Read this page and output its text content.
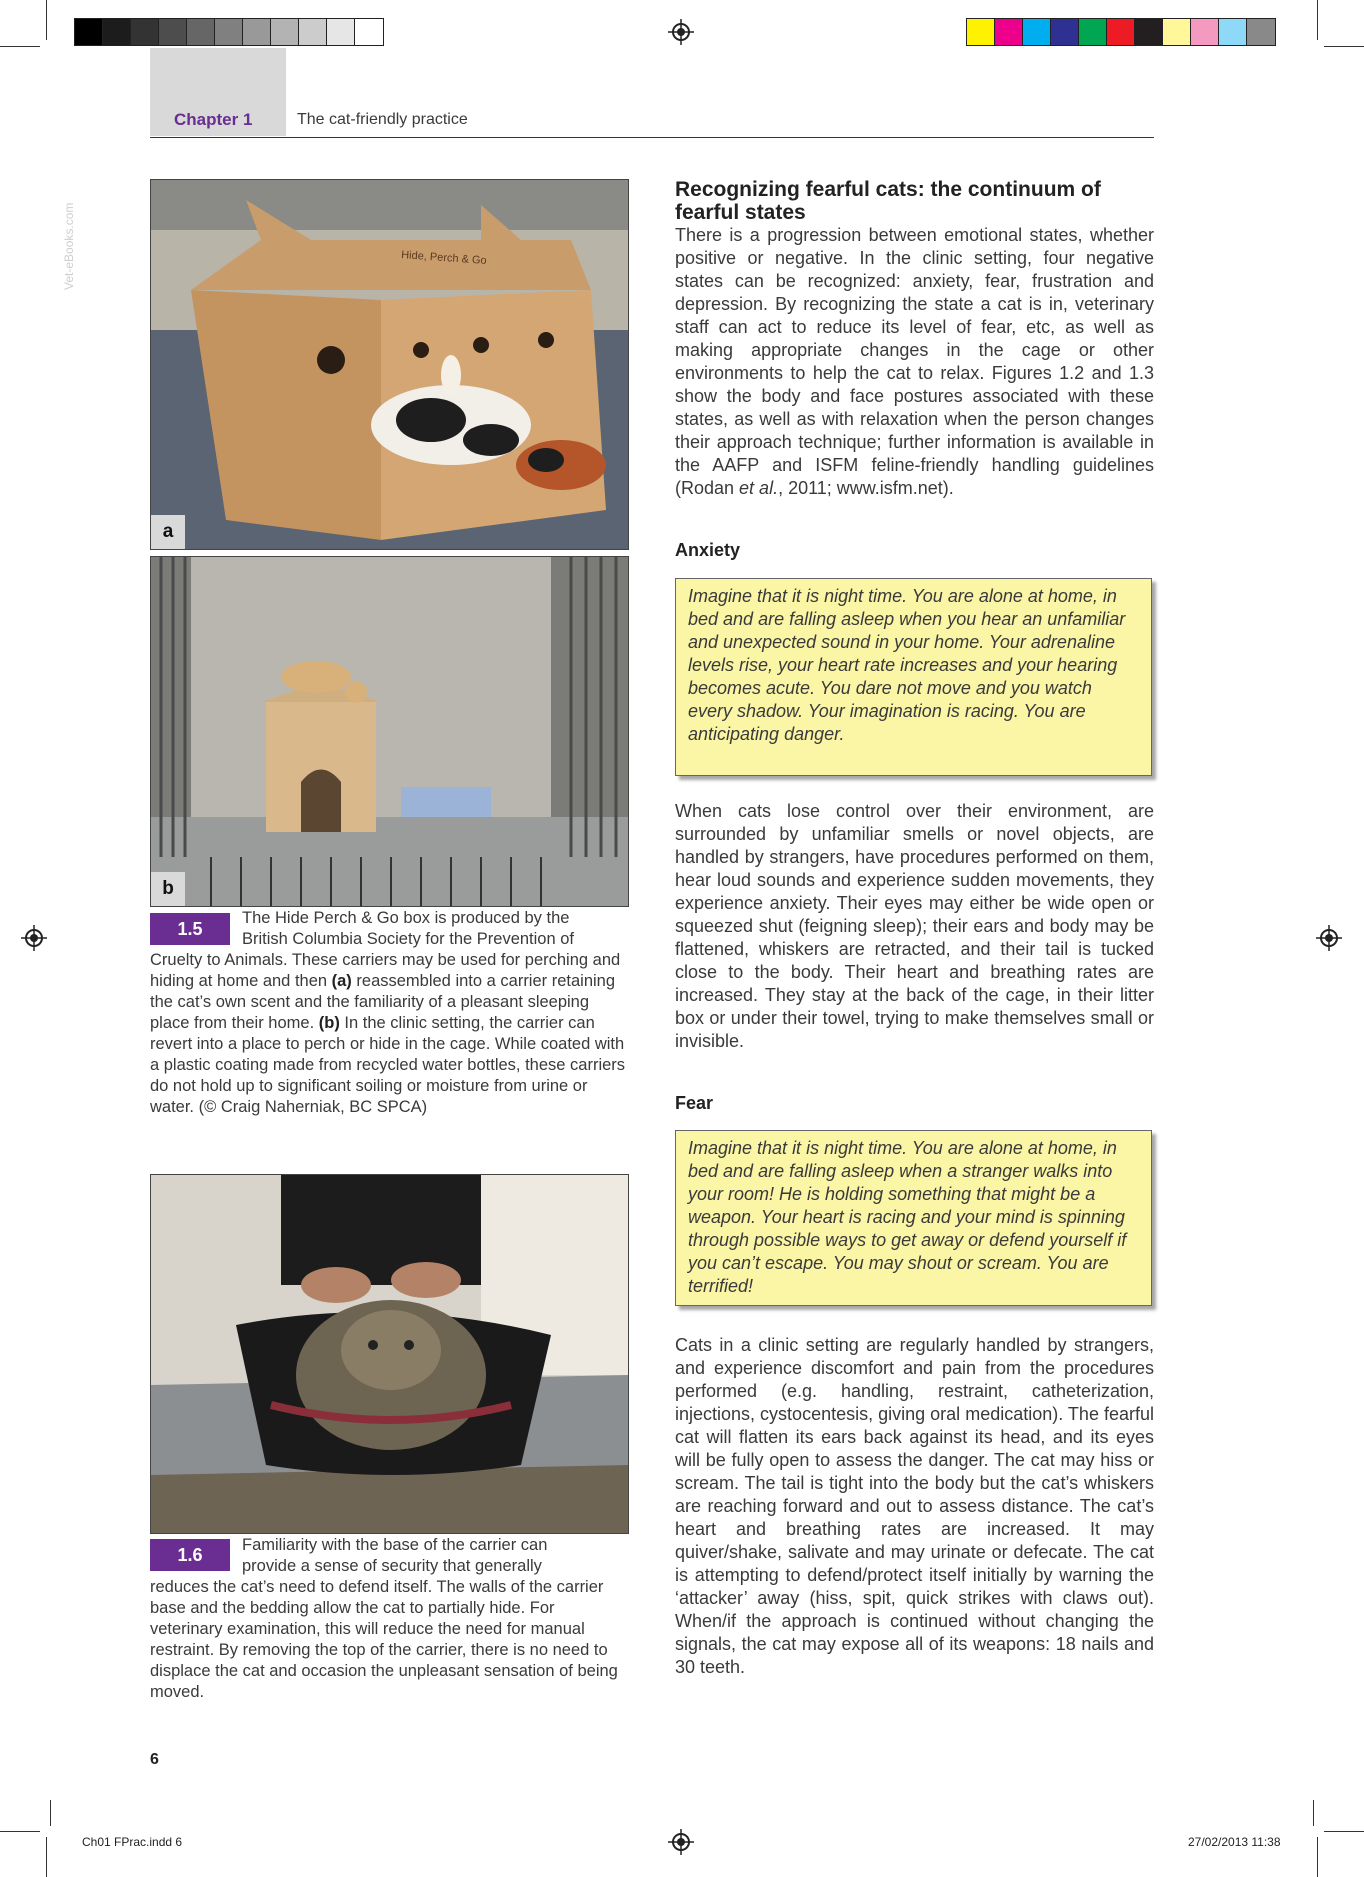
Chapter 1	The cat-friendly practice
Vet-eBooks.com	Hide, Perch & Go
a
b
1.5
The Hide Perch & Go box is produced by the
British Columbia Society for the Prevention of
Cruelty to Animals. These carriers may be used for perching and hiding at home and then (a) reassembled into a carrier retaining the cat’s own scent and the familiarity of a pleasant sleeping place from their home. (b) In the clinic setting, the carrier can revert into a place to perch or hide in the cage. While coated with a plastic coating made from recycled water bottles, these carriers do not hold up to significant soiling or moisture from urine or water. (© Craig Naherniak, BC SPCA)
1.6	Familiarity with the base of the carrier can
provide a sense of security that generally
reduces the cat’s need to defend itself. The walls of the carrier base and the bedding allow the cat to partially hide. For veterinary examination, this will reduce the need for manual restraint. By removing the top of the carrier, there is no need to displace the cat and occasion the unpleasant sensation of being moved.
Recognizing fearful cats: the continuum of fearful states

There is a progression between emotional states, whether positive or negative. In the clinic setting, four negative states can be recognized: anxiety, fear, frustration and depression. By recognizing the state a cat is in, veterinary staff can act to reduce its level of fear, etc, as well as making appropriate changes in the cage or other environments to help the cat to relax. Figures 1.2 and 1.3 show the body and face postures associated with these states, as well as with relaxation when the person changes their approach technique; further information is available in the AAFP and ISFM feline-friendly handling guidelines (Rodan et al., 2011; www.isfm.net).

Anxiety
Imagine that it is night time. You are alone at home, in bed and are falling asleep when you hear an unfamiliar and unexpected sound in your home. Your adrenaline levels rise, your heart rate increases and your hearing becomes acute. You dare not move and you watch every shadow. Your imagination is racing. You are anticipating danger.

When cats lose control over their environment, are surrounded by unfamiliar smells or novel objects, are handled by strangers, have procedures performed on them, hear loud sounds and experience sudden movements, they experience anxiety. Their eyes may either be wide open or squeezed shut (feigning sleep); their ears and body may be flattened, whiskers are retracted, and their tail is tucked close to the body. Their heart and breathing rates are increased. They stay at the back of the cage, in their litter box or under their towel, trying to make themselves small or invisible.

Fear
Imagine that it is night time. You are alone at home, in bed and are falling asleep when a stranger walks into your room! He is holding something that might be a weapon. Your heart is racing and your mind is spinning through possible ways to get away or defend yourself if you can’t escape. You may shout or scream. You are terrified!

Cats in a clinic setting are regularly handled by strangers, and experience discomfort and pain from the procedures performed (e.g. handling, restraint, catheterization, injections, cystocentesis, giving oral medication). The fearful cat will flatten its ears back against its head, and its eyes will be fully open to assess the danger. The cat may hiss or scream. The tail is tight into the body but the cat’s whiskers are reaching forward and out to assess distance. The cat’s heart and breathing rates are increased. It may quiver/shake, salivate and may urinate or defecate. The cat is attempting to defend/protect itself initially by warning the ‘attacker’ away (hiss, spit, quick strikes with claws out). When/if the approach is continued without changing the signals, the cat may expose all of its weapons: 18 nails and 30 teeth.

6
Ch01 FPrac.indd 6	27/02/2013 11:38
